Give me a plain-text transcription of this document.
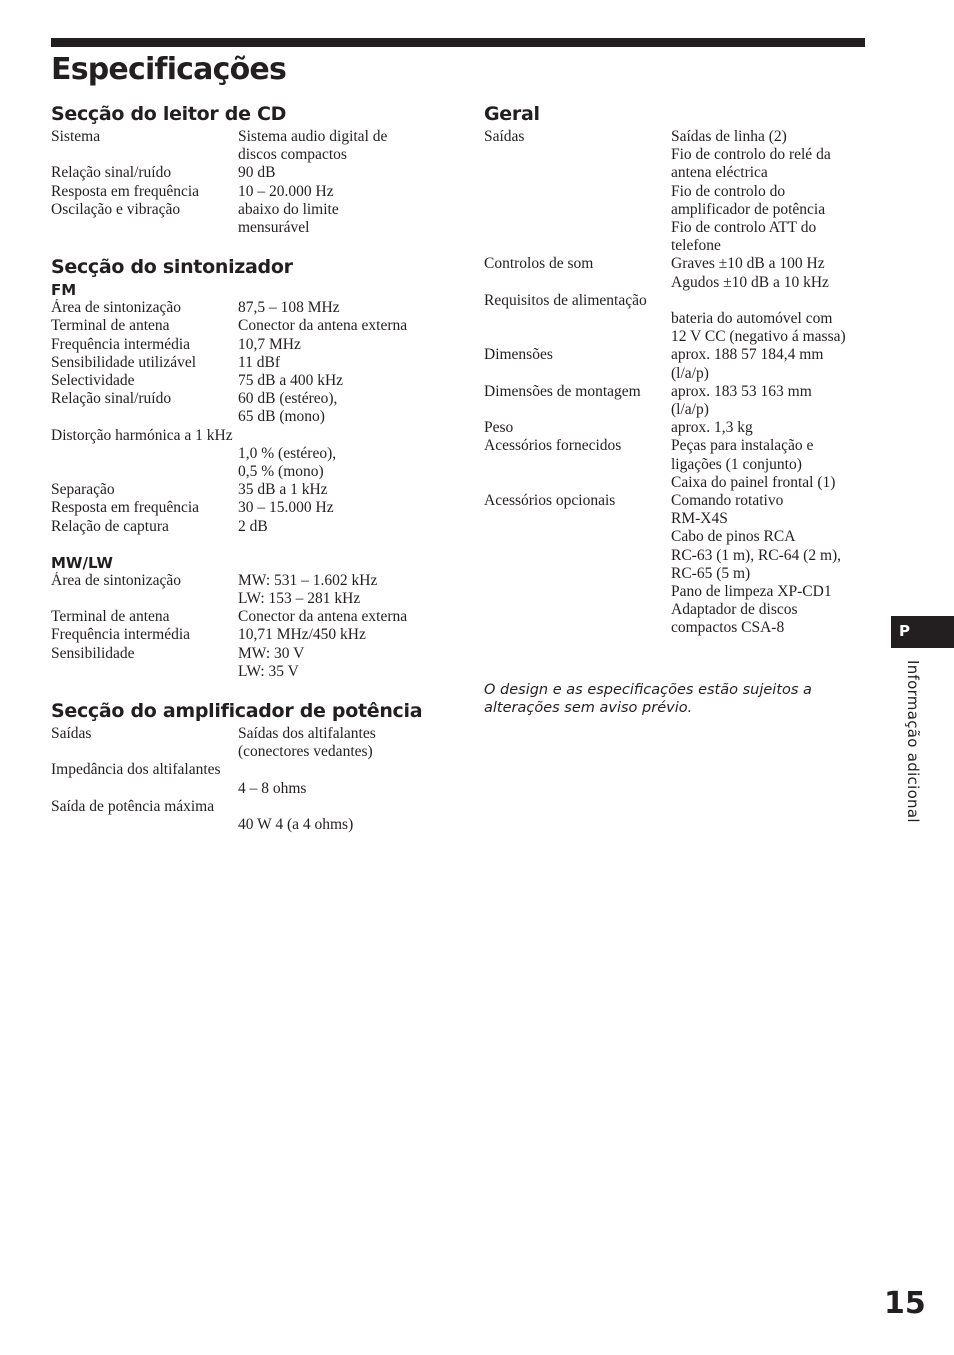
Especificações
Secção do leitor de CD
Sistema	Sistema audio digital de
discos compactos
Relação sinal/ruído	90 dB
Resposta em frequência	10 – 20.000 Hz
Oscilação e vibração	abaixo do limite
mensurável
Secção do sintonizador
FM
Área de sintonização	87,5 – 108 MHz
Terminal de antena	Conector da antena externa
Frequência intermédia	10,7 MHz
Sensibilidade utilizável	11 dBf
Selectividade	75 dB a 400 kHz
Relação sinal/ruído	60 dB (estéreo),
65 dB (mono)
Distorção harmónica a 1 kHz
1,0 % (estéreo),
0,5 % (mono)
Separação	35 dB a 1 kHz
Resposta em frequência	30 – 15.000 Hz
Relação de captura	2 dB
MW/LW
Área de sintonização	MW: 531 – 1.602 kHz
LW: 153 – 281 kHz
Terminal de antena	Conector da antena externa
Frequência intermédia	10,71 MHz/450 kHz
Sensibilidade	MW: 30 V
LW: 35 V
Secção do amplificador de potência
Saídas	Saídas dos altifalantes
(conectores vedantes)
Impedância dos altifalantes
4 – 8 ohms
Saída de potência máxima
40 W 4 (a 4 ohms)
Geral
Saídas	Saídas de linha (2)
Fio de controlo do relé da
antena eléctrica
Fio de controlo do
amplificador de potência
Fio de controlo ATT do
telefone
Controlos de som	Graves ±10 dB a 100 Hz
Agudos ±10 dB a 10 kHz
Requisitos de alimentação
bateria do automóvel com
12 V CC (negativo á massa)
Dimensões	aprox. 188 57 184,4 mm
(l/a/p)
Dimensões de montagem aprox. 183 53 163 mm
(l/a/p)
Peso	aprox. 1,3 kg
Acessórios fornecidos	Peças para instalação e
ligações (1 conjunto)
Caixa do painel frontal (1)
Acessórios opcionais	Comando rotativo
RM-X4S
Cabo de pinos RCA
RC-63 (1 m), RC-64 (2 m),
RC-65 (5 m)
Pano de limpeza XP-CD1
Adaptador de discos
compactos CSA-8
O design e as especificações estão sujeitos a alterações sem aviso prévio.
P
Informação adicional
15
